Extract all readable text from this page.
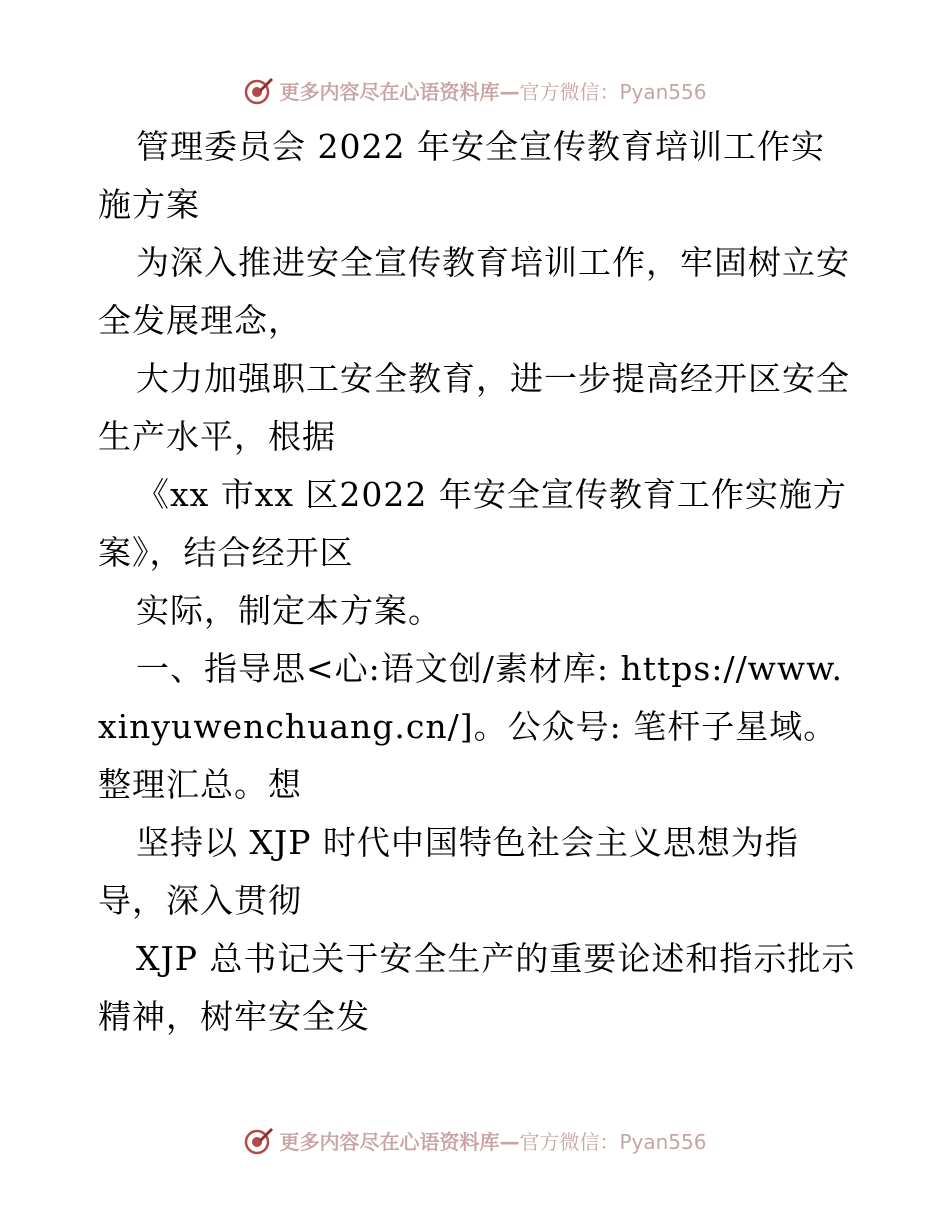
更多内容尽在心语资料库— 官方微信：Pyan556

管理委员会 2022 年安全宣传教育培训工作实施方案

为深入推进安全宣传教育培训工作，牢固树立安全发展理念，

大力加强职工安全教育，进一步提高经开区安全生产水平，根据

《xx 市xx 区2022 年安全宣传教育工作实施方案》，结合经开区

实际，制定本方案。

一、指导思<心:语文创/素材库: https://www.xinyuwenchuang.cn/]。公众号: 笔杆子星域。整理汇总。想

坚持以 XJP 时代中国特色社会主义思想为指导，深入贯彻

XJP 总书记关于安全生产的重要论述和指示批示精神，树牢安全发

更多内容尽在心语资料库— 官方微信：Pyan556
